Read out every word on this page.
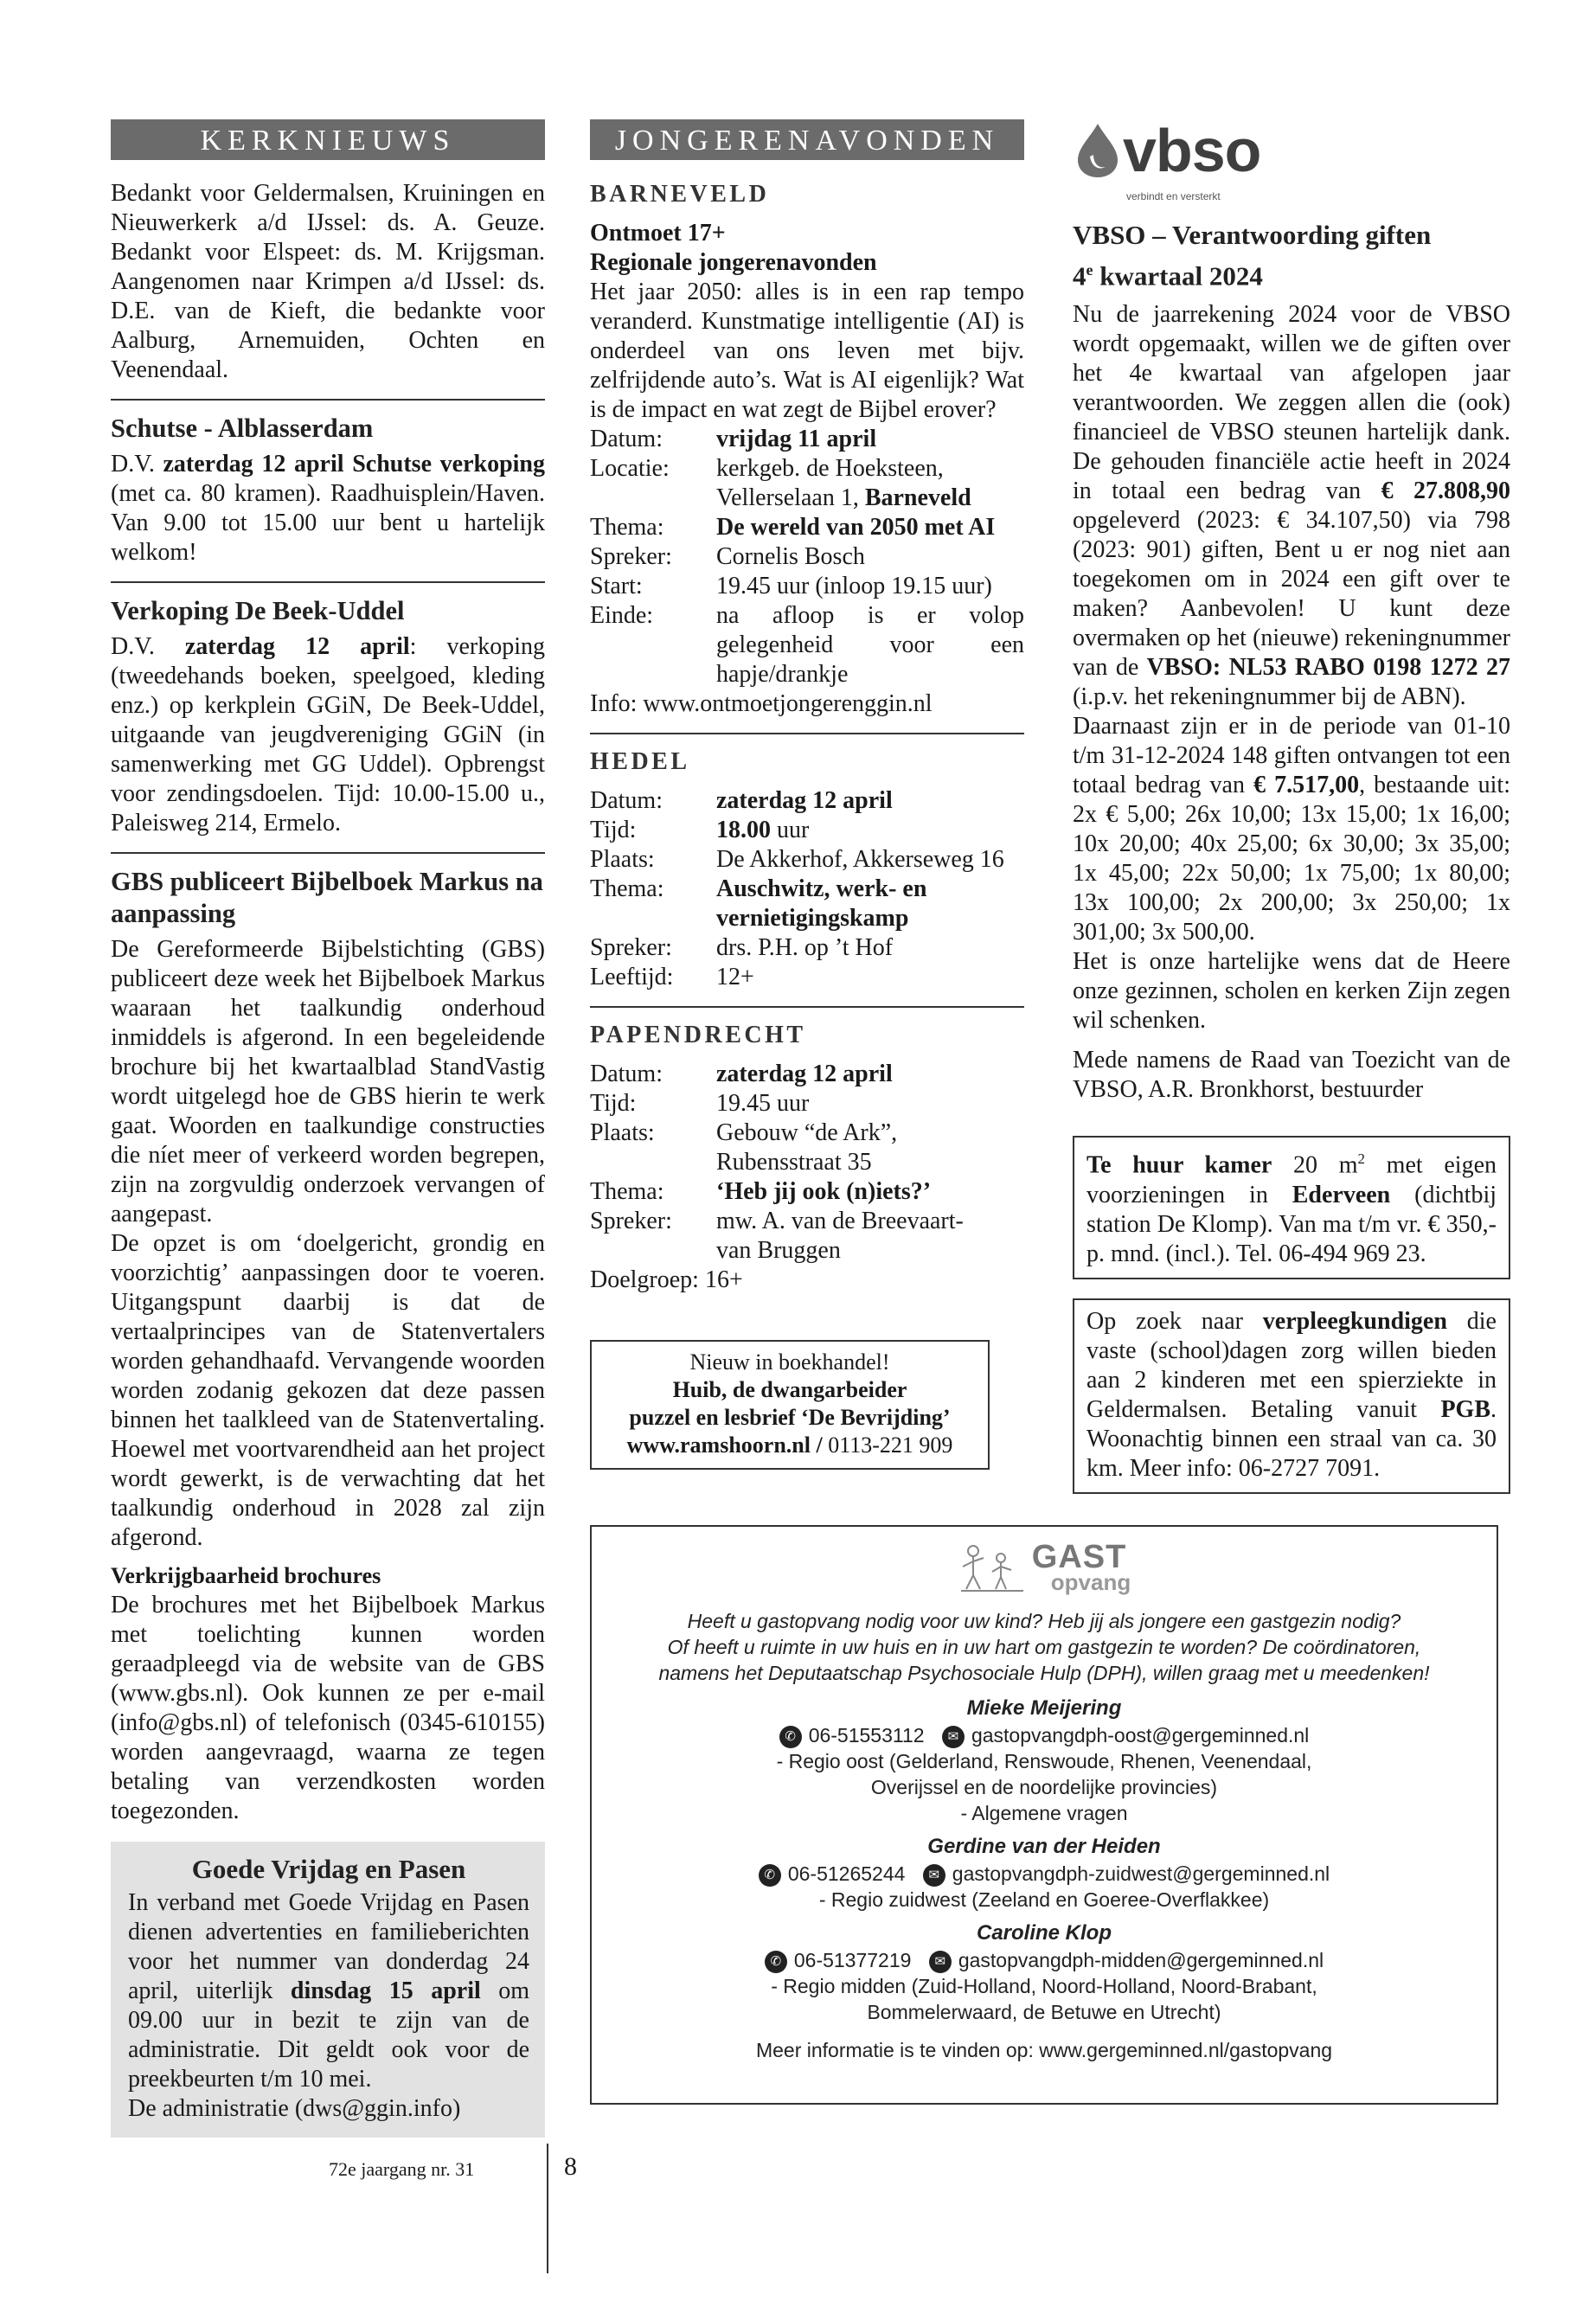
KERKNIEUWS

Bedankt voor Geldermalsen, Kruiningen en Nieuwerkerk a/d IJssel: ds. A. Geuze. Bedankt voor Elspeet: ds. M. Krijgsman. Aangenomen naar Krimpen a/d IJssel: ds. D.E. van de Kieft, die bedankte voor Aalburg, Arnemuiden, Ochten en Veenendaal.

Schutse - Alblasserdam

D.V. zaterdag 12 april Schutse verkoping (met ca. 80 kramen). Raadhuisplein/Haven. Van 9.00 tot 15.00 uur bent u hartelijk welkom!

Verkoping De Beek-Uddel

D.V. zaterdag 12 april: verkoping (tweedehands boeken, speelgoed, kleding enz.) op kerkplein GGiN, De Beek-Uddel, uitgaande van jeugdvereniging GGiN (in samenwerking met GG Uddel). Opbrengst voor zendingsdoelen. Tijd: 10.00-15.00 u., Paleisweg 214, Ermelo.

GBS publiceert Bijbelboek Markus na aanpassing

De Gereformeerde Bijbelstichting (GBS) publiceert deze week het Bijbelboek Markus waaraan het taalkundig onderhoud inmiddels is afgerond. In een begeleidende brochure bij het kwartaalblad StandVastig wordt uitgelegd hoe de GBS hierin te werk gaat. Woorden en taalkundige constructies die níet meer of verkeerd worden begrepen, zijn na zorgvuldig onderzoek vervangen of aangepast.

De opzet is om ‘doelgericht, grondig en voorzichtig’ aanpassingen door te voeren. Uitgangspunt daarbij is dat de vertaalprincipes van de Statenvertalers worden gehandhaafd. Vervangende woorden worden zodanig gekozen dat deze passen binnen het taalkleed van de Statenvertaling. Hoewel met voortvarendheid aan het project wordt gewerkt, is de verwachting dat het taalkundig onderhoud in 2028 zal zijn afgerond.

Verkrijgbaarheid brochures

De brochures met het Bijbelboek Markus met toelichting kunnen worden geraadpleegd via de website van de GBS (www.gbs.nl). Ook kunnen ze per e-mail (info@gbs.nl) of telefonisch (0345-610155) worden aangevraagd, waarna ze tegen betaling van verzendkosten worden toegezonden.

Goede Vrijdag en Pasen

In verband met Goede Vrijdag en Pasen dienen advertenties en familieberichten voor het nummer van donderdag 24 april, uiterlijk dinsdag 15 april om 09.00 uur in bezit te zijn van de administratie. Dit geldt ook voor de preekbeurten t/m 10 mei.

De administratie (dws@ggin.info)

JONGERENAVONDEN
BARNEVELD
Ontmoet 17+
Regionale jongerenavonden

Het jaar 2050: alles is in een rap tempo veranderd. Kunstmatige intelligentie (AI) is onderdeel van ons leven met bijv. zelfrijdende auto’s. Wat is AI eigenlijk? Wat is de impact en wat zegt de Bijbel erover?

Datum:	vrijdag 11 april
Locatie:	kerkgeb. de Hoeksteen,
Vellerselaan 1, Barneveld
Thema:	De wereld van 2050 met AI
Spreker:	Cornelis Bosch
Start:	19.45 uur (inloop 19.15 uur)
Einde:	na afloop is er volop gelegenheid voor een hapje/drankje

Info: www.ontmoetjongerenggin.nl

HEDEL
Datum:	zaterdag 12 april
Tijd:	18.00 uur
Plaats:	De Akkerhof, Akkerseweg 16
Thema:	Auschwitz, werk- en vernietigingskamp
Spreker:	drs. P.H. op ’t Hof
Leeftijd:	12+
PAPENDRECHT
Datum:	zaterdag 12 april
Tijd:	19.45 uur
Plaats:	Gebouw “de Ark”,
Rubensstraat 35
Thema:	‘Heb jij ook (n)iets?’
Spreker:	mw. A. van de Breevaart-van Bruggen

Doelgroep: 16+

Nieuw in boekhandel!
Huib, de dwangarbeider
puzzel en lesbrief ‘De Bevrijding’
www.ramshoorn.nl / 0113-221 909
vbso
verbindt en versterkt
VBSO – Verantwoording giften
4e kwartaal 2024

Nu de jaarrekening 2024 voor de VBSO wordt opgemaakt, willen we de giften over het 4e kwartaal van afgelopen jaar verantwoorden. We zeggen allen die (ook) financieel de VBSO steunen hartelijk dank. De gehouden financiële actie heeft in 2024 in totaal een bedrag van € 27.808,90 opgeleverd (2023: € 34.107,50) via 798 (2023: 901) giften, Bent u er nog niet aan toegekomen om in 2024 een gift over te maken? Aanbevolen! U kunt deze overmaken op het (nieuwe) rekeningnummer van de VBSO: NL53 RABO 0198 1272 27 (i.p.v. het rekeningnummer bij de ABN).

Daarnaast zijn er in de periode van 01-10 t/m 31-12-2024 148 giften ontvangen tot een totaal bedrag van € 7.517,00, bestaande uit: 2x € 5,00; 26x 10,00; 13x 15,00; 1x 16,00; 10x 20,00; 40x 25,00; 6x 30,00; 3x 35,00; 1x 45,00; 22x 50,00; 1x 75,00; 1x 80,00; 13x 100,00; 2x 200,00; 3x 250,00; 1x 301,00; 3x 500,00.

Het is onze hartelijke wens dat de Heere onze gezinnen, scholen en kerken Zijn zegen wil schenken.

Mede namens de Raad van Toezicht van de VBSO, A.R. Bronkhorst, bestuurder

Te huur kamer 20 $m^2$ met eigen voorzieningen in Ederveen (dichtbij station De Klomp). Van ma t/m vr. € 350,- p. mnd. (incl.). Tel. 06-494 969 23.

Op zoek naar verpleegkundigen die vaste (school)dagen zorg willen bieden aan 2 kinderen met een spierziekte in Geldermalsen. Betaling vanuit PGB. Woonachtig binnen een straal van ca. 30 km. Meer info: 06-2727 7091.

GAST
opvang
Heeft u gastopvang nodig voor uw kind? Heb jij als jongere een gastgezin nodig?
Of heeft u ruimte in uw huis en in uw hart om gastgezin te worden? De coördinatoren,
namens het Deputaatschap Psychosociale Hulp (DPH), willen graag met u meedenken!
Mieke Meijering
✆ 06-51553112 ✉ gastopvangdph-oost@gergeminned.nl
- Regio oost (Gelderland, Renswoude, Rhenen, Veenendaal,
Overijssel en de noordelijke provincies)
- Algemene vragen
Gerdine van der Heiden
✆ 06-51265244 ✉ gastopvangdph-zuidwest@gergeminned.nl
- Regio zuidwest (Zeeland en Goeree-Overflakkee)
Caroline Klop
✆ 06-51377219 ✉ gastopvangdph-midden@gergeminned.nl
- Regio midden (Zuid-Holland, Noord-Holland, Noord-Brabant,
Bommelerwaard, de Betuwe en Utrecht)
Meer informatie is te vinden op: www.gergeminned.nl/gastopvang
72e jaargang nr. 31	8
